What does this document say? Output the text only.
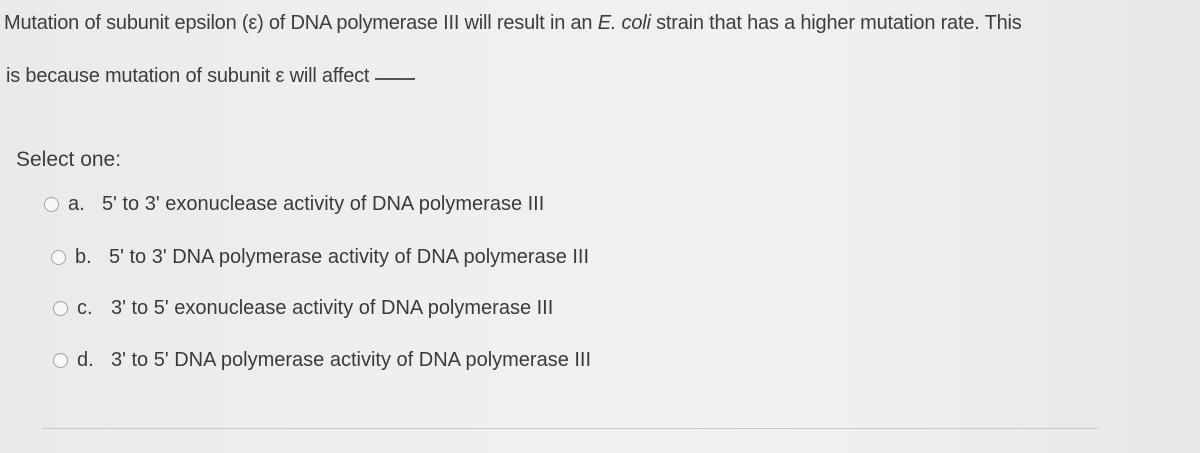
Mutation of subunit epsilon (ε) of DNA polymerase III will result in an E. coli strain that has a higher mutation rate. This
is because mutation of subunit ε will affect
Select one:
a. 5' to 3' exonuclease activity of DNA polymerase III
b. 5' to 3' DNA polymerase activity of DNA polymerase III
c. 3' to 5' exonuclease activity of DNA polymerase III
d. 3' to 5' DNA polymerase activity of DNA polymerase III
